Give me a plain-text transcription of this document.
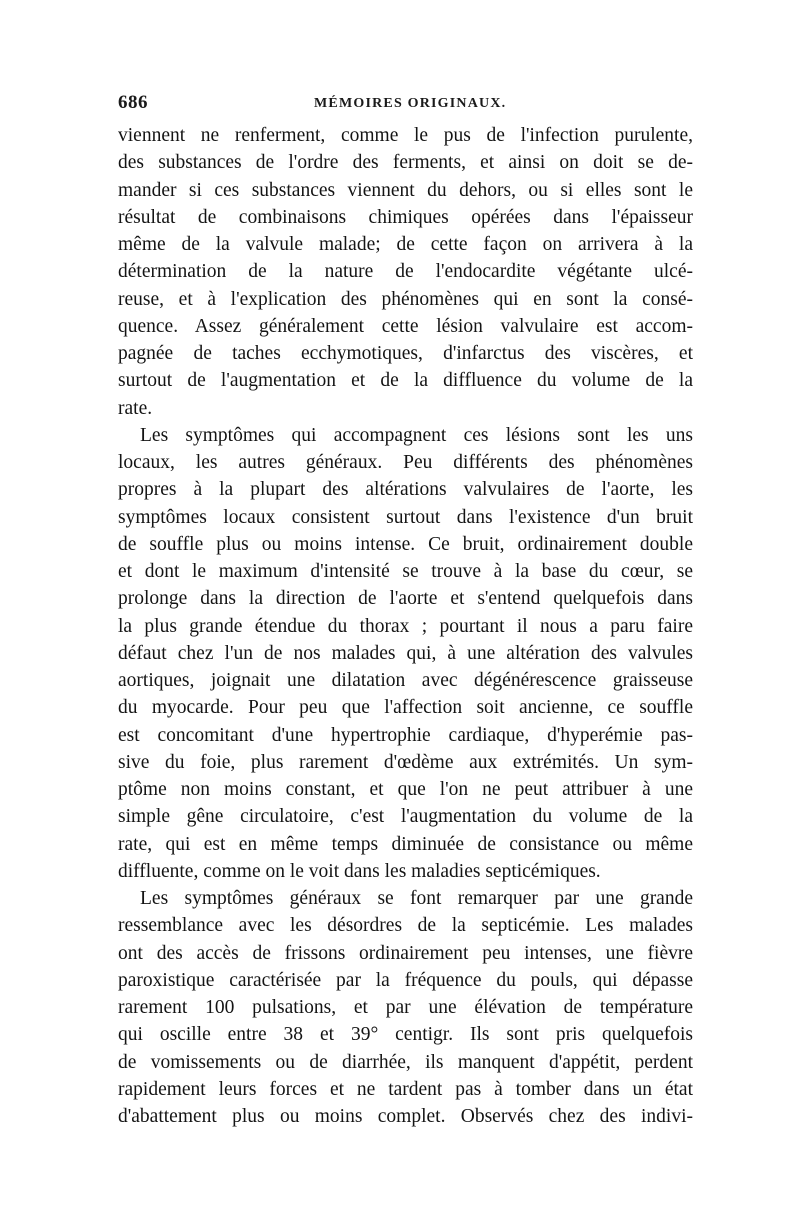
686	MÉMOIRES ORIGINAUX.
viennent ne renferment, comme le pus de l'infection purulente,
des substances de l'ordre des ferments, et ainsi on doit se de-
mander si ces substances viennent du dehors, ou si elles sont le
résultat de combinaisons chimiques opérées dans l'épaisseur
même de la valvule malade; de cette façon on arrivera à la
détermination de la nature de l'endocardite végétante ulcé-
reuse, et à l'explication des phénomènes qui en sont la consé-
quence. Assez généralement cette lésion valvulaire est accom-
pagnée de taches ecchymotiques, d'infarctus des viscères, et
surtout de l'augmentation et de la diffluence du volume de la
rate.
Les symptômes qui accompagnent ces lésions sont les uns
locaux, les autres généraux. Peu différents des phénomènes
propres à la plupart des altérations valvulaires de l'aorte, les
symptômes locaux consistent surtout dans l'existence d'un bruit
de souffle plus ou moins intense. Ce bruit, ordinairement double
et dont le maximum d'intensité se trouve à la base du cœur, se
prolonge dans la direction de l'aorte et s'entend quelquefois dans
la plus grande étendue du thorax ; pourtant il nous a paru faire
défaut chez l'un de nos malades qui, à une altération des valvules
aortiques, joignait une dilatation avec dégénérescence graisseuse
du myocarde. Pour peu que l'affection soit ancienne, ce souffle
est concomitant d'une hypertrophie cardiaque, d'hyperémie pas-
sive du foie, plus rarement d'œdème aux extrémités. Un sym-
ptôme non moins constant, et que l'on ne peut attribuer à une
simple gêne circulatoire, c'est l'augmentation du volume de la
rate, qui est en même temps diminuée de consistance ou même
diffluente, comme on le voit dans les maladies septicémiques.
Les symptômes généraux se font remarquer par une grande
ressemblance avec les désordres de la septicémie. Les malades
ont des accès de frissons ordinairement peu intenses, une fièvre
paroxistique caractérisée par la fréquence du pouls, qui dépasse
rarement 100 pulsations, et par une élévation de température
qui oscille entre 38 et 39° centigr. Ils sont pris quelquefois
de vomissements ou de diarrhée, ils manquent d'appétit, perdent
rapidement leurs forces et ne tardent pas à tomber dans un état
d'abattement plus ou moins complet. Observés chez des indivi-
